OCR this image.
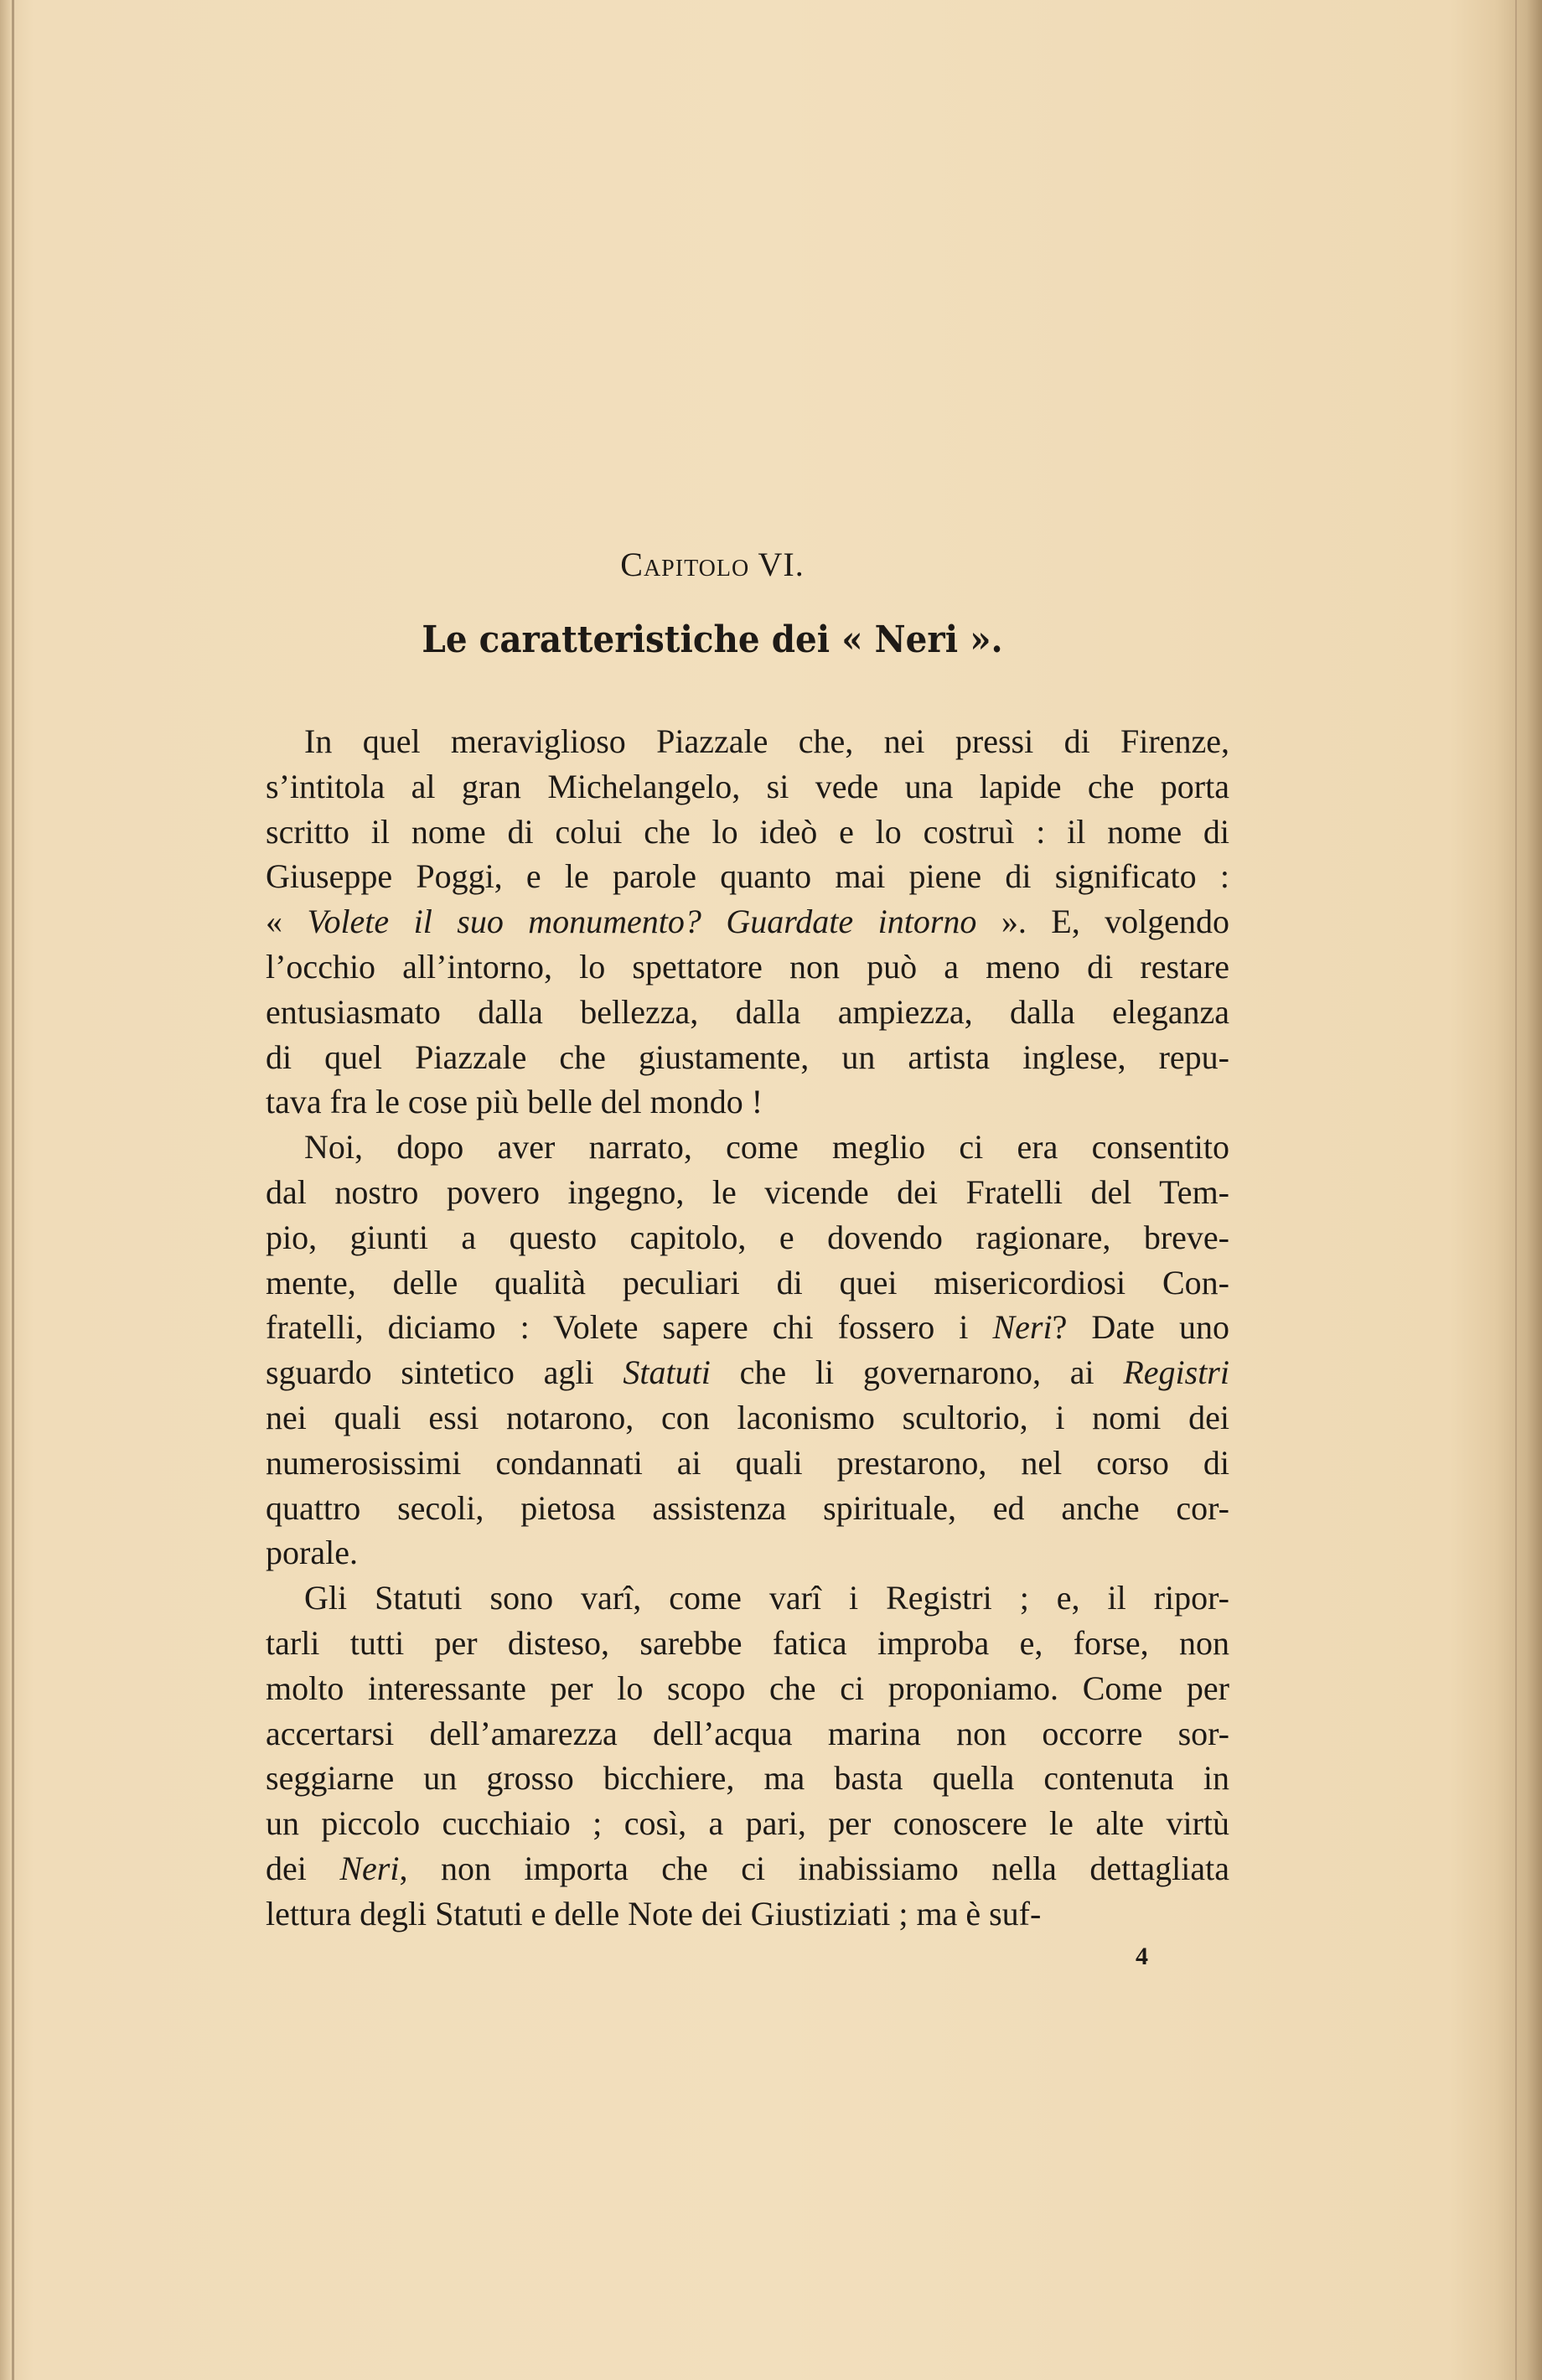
Capitolo VI.
Le caratteristiche dei « Neri ».
In quel meraviglioso Piazzale che, nei pressi di Firenze,
s’intitola al gran Michelangelo, si vede una lapide che porta
scritto il nome di colui che lo ideò e lo costruì : il nome di
Giuseppe Poggi, e le parole quanto mai piene di significato :
« Volete il suo monumento? Guardate intorno ». E, volgendo
l’occhio all’intorno, lo spettatore non può a meno di restare
entusiasmato dalla bellezza, dalla ampiezza, dalla eleganza
di quel Piazzale che giustamente, un artista inglese, repu-
tava fra le cose più belle del mondo !
Noi, dopo aver narrato, come meglio ci era consentito
dal nostro povero ingegno, le vicende dei Fratelli del Tem-
pio, giunti a questo capitolo, e dovendo ragionare, breve-
mente, delle qualità peculiari di quei misericordiosi Con-
fratelli, diciamo : Volete sapere chi fossero i Neri? Date uno
sguardo sintetico agli Statuti che li governarono, ai Registri
nei quali essi notarono, con laconismo scultorio, i nomi dei
numerosissimi condannati ai quali prestarono, nel corso di
quattro secoli, pietosa assistenza spirituale, ed anche cor-
porale.
Gli Statuti sono varî, come varî i Registri ; e, il ripor-
tarli tutti per disteso, sarebbe fatica improba e, forse, non
molto interessante per lo scopo che ci proponiamo. Come per
accertarsi dell’amarezza dell’acqua marina non occorre sor-
seggiarne un grosso bicchiere, ma basta quella contenuta in
un piccolo cucchiaio ; così, a pari, per conoscere le alte virtù
dei Neri, non importa che ci inabissiamo nella dettagliata
lettura degli Statuti e delle Note dei Giustiziati ; ma è suf-
4
